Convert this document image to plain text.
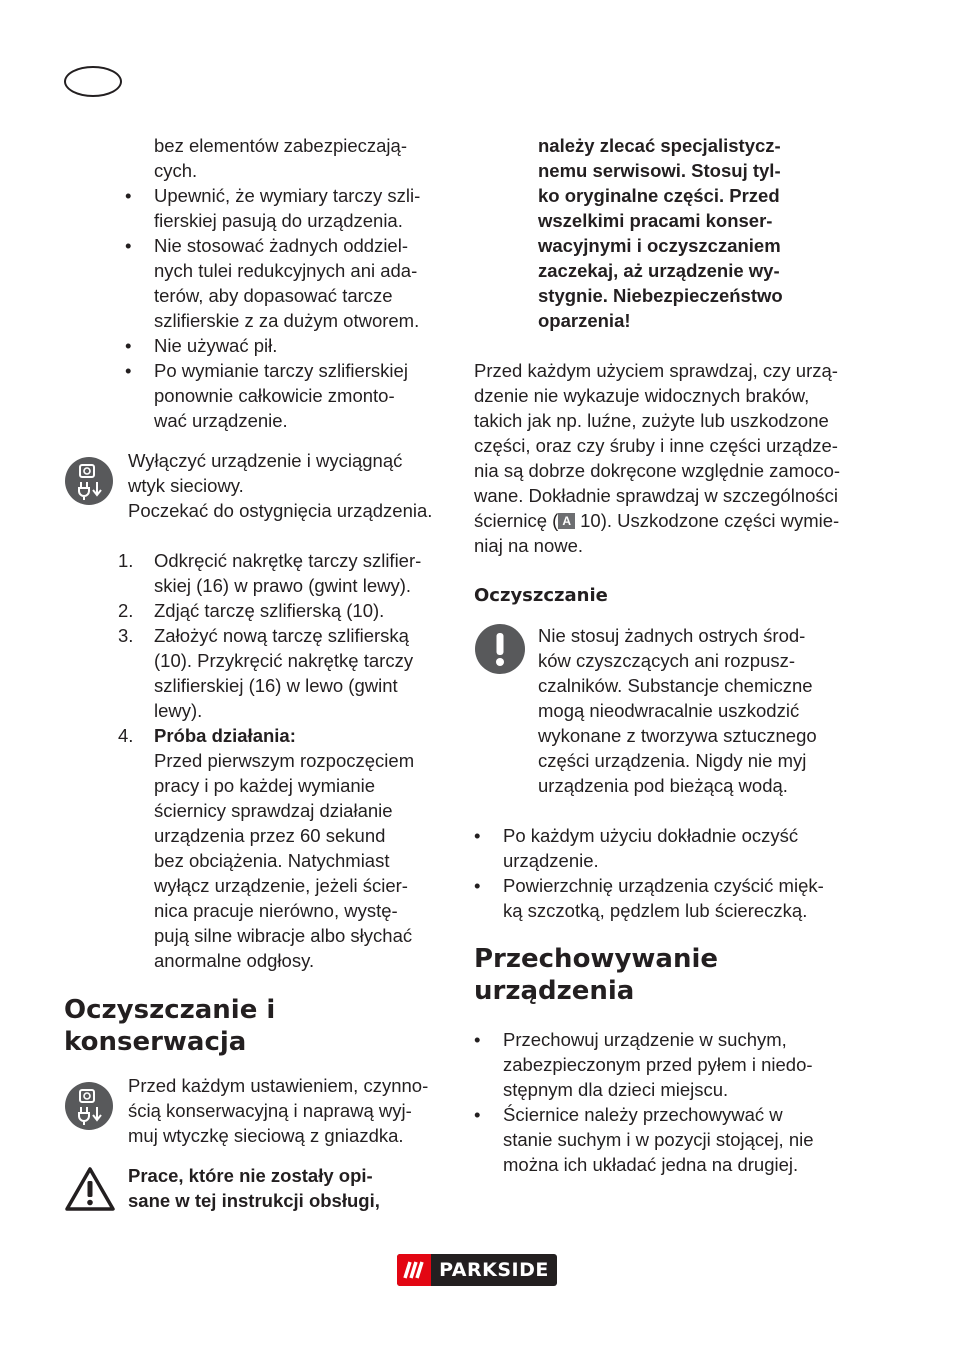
bez elementów zabezpieczają-
cych.
• Upewnić, że wymiary tarczy szli-
fierskiej pasują do urządzenia.
• Nie stosować żadnych oddziel-
nych tulei redukcyjnych ani ada-
terów, aby dopasować tarcze
szlifierskie z za dużym otworem.
• Nie używać pił.
• Po wymianie tarczy szlifierskiej
ponownie całkowicie zmonto-
wać urządzenie.
Wyłączyć urządzenie i wyciągnąć
wtyk sieciowy.
Poczekać do ostygnięcia urządzenia.
1. Odkręcić nakrętkę tarczy szlifier-
skiej (16) w prawo (gwint lewy).
2. Zdjąć tarczę szlifierską (10).
3. Założyć nową tarczę szlifierską
(10). Przykręcić nakrętkę tarczy
szlifierskiej (16) w lewo (gwint
lewy).
4. Próba działania:
Przed pierwszym rozpoczęciem
pracy i po każdej wymianie
ściernicy sprawdzaj działanie
urządzenia przez 60 sekund
bez obciążenia. Natychmiast
wyłącz urządzenie, jeżeli ścier-
nica pracuje nierówno, wystę-
pują silne wibracje albo słychać
anormalne odgłosy.
Oczyszczanie i
konserwacja
Przed każdym ustawieniem, czynno-
ścią konserwacyjną i naprawą wyj-
muj wtyczkę sieciową z gniazdka.
Prace, które nie zostały opi-
sane w tej instrukcji obsługi,
należy zlecać specjalistycz-
nemu serwisowi. Stosuj tyl-
ko oryginalne części. Przed
wszelkimi pracami konser-
wacyjnymi i oczyszczaniem
zaczekaj, aż urządzenie wy-
stygnie. Niebezpieczeństwo
oparzenia!

Przed każdym użyciem sprawdzaj, czy urzą-
dzenie nie wykazuje widocznych braków,
takich jak np. luźne, zużyte lub uszkodzone
części, oraz czy śruby i inne części urządze-
nia są dobrze dokręcone względnie zamoco-
wane. Dokładnie sprawdzaj w szczególności
ściernicę ( A 10). Uszkodzone części wymie-
niaj na nowe.

Oczyszczanie
Nie stosuj żadnych ostrych środ-
ków czyszczących ani rozpusz-
czalników. Substancje chemiczne
mogą nieodwracalnie uszkodzić
wykonane z tworzywa sztucznego
części urządzenia. Nigdy nie myj
urządzenia pod bieżącą wodą.
• Po każdym użyciu dokładnie oczyść
urządzenie.
• Powierzchnię urządzenia czyścić mięk-
ką szczotką, pędzlem lub ściereczką.
Przechowywanie
urządzenia
• Przechowuj urządzenie w suchym,
zabezpieczonym przed pyłem i niedo-
stępnym dla dzieci miejscu.
• Ściernice należy przechowywać w
stanie suchym i w pozycji stojącej, nie
można ich układać jedna na drugiej.
PARKSIDE
